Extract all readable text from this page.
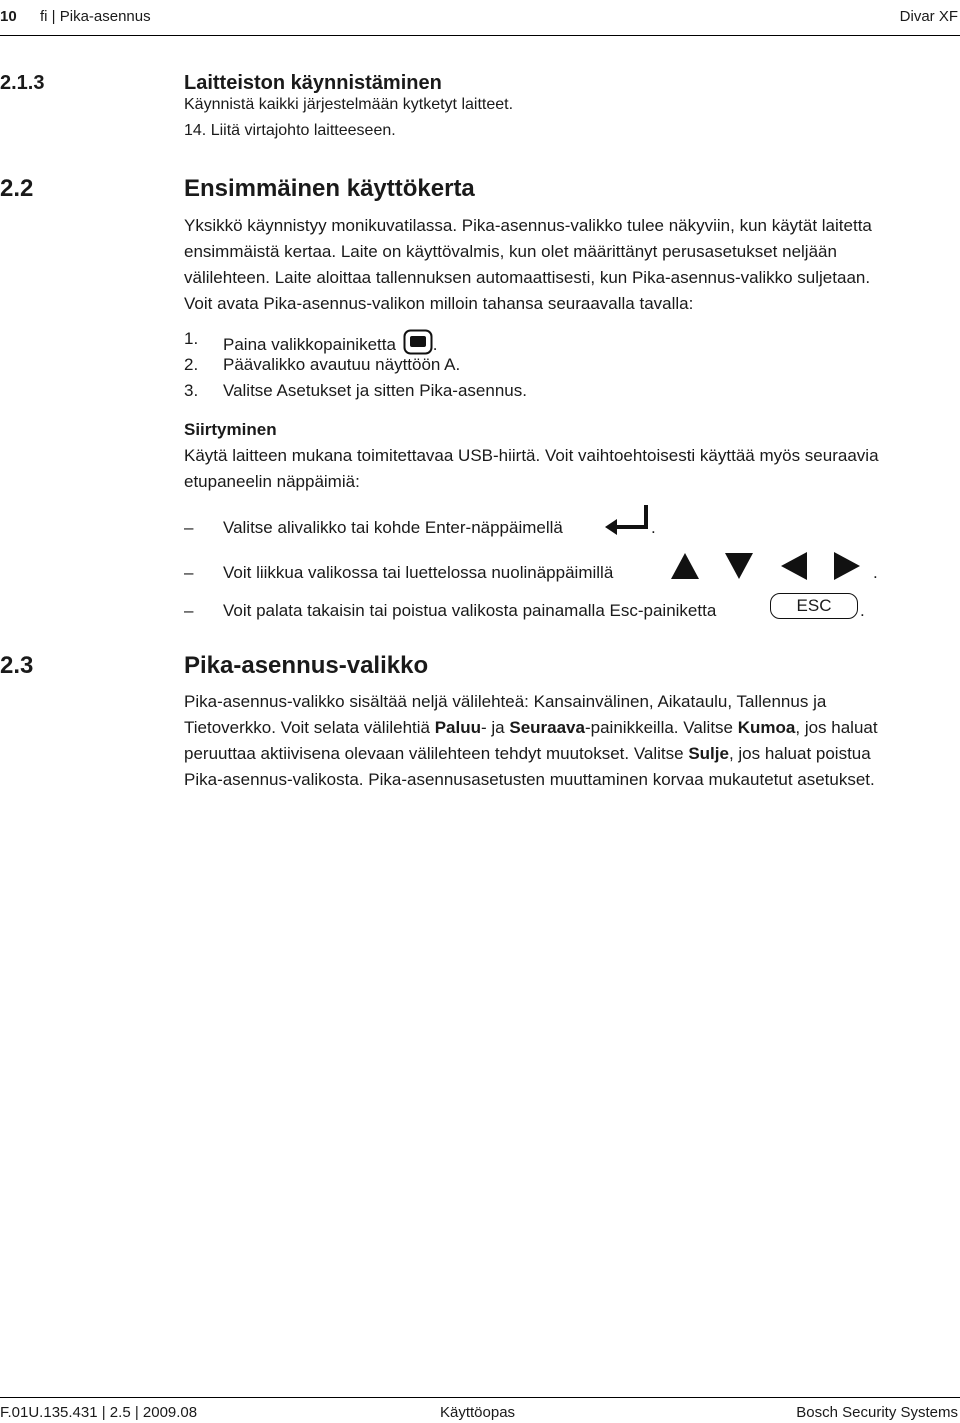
10 fi | Pika-asennus	Divar XF
2.1.3	Laitteiston käynnistäminen
Käynnistä kaikki järjestelmään kytketyt laitteet.
14. Liitä virtajohto laitteeseen.
2.2	Ensimmäinen käyttökerta
Yksikkö käynnistyy monikuvatilassa. Pika-asennus-valikko tulee näkyviin, kun käytät laitetta
ensimmäistä kertaa. Laite on käyttövalmis, kun olet määrittänyt perusasetukset neljään
välilehteen. Laite aloittaa tallennuksen automaattisesti, kun Pika-asennus-valikko suljetaan.
Voit avata Pika-asennus-valikon milloin tahansa seuraavalla tavalla:
1. Paina valikkopainiketta .
2. Päävalikko avautuu näyttöön A.
3. Valitse Asetukset ja sitten Pika-asennus.
Siirtyminen
Käytä laitteen mukana toimitettavaa USB-hiirtä. Voit vaihtoehtoisesti käyttää myös seuraavia
etupaneelin näppäimiä:
– Valitse alivalikko tai kohde Enter-näppäimellä	.
– Voit liikkua valikossa tai luettelossa nuolinäppäimillä	.
– Voit palata takaisin tai poistua valikosta painamalla Esc-painiketta	ESC	.
2.3	Pika-asennus-valikko
Pika-asennus-valikko sisältää neljä välilehteä: Kansainvälinen, Aikataulu, Tallennus ja
Tietoverkko. Voit selata välilehtiä Paluu- ja Seuraava-painikkeilla. Valitse Kumoa, jos haluat
peruuttaa aktiivisena olevaan välilehteen tehdyt muutokset. Valitse Sulje, jos haluat poistua
Pika-asennus-valikosta. Pika-asennusasetusten muuttaminen korvaa mukautetut asetukset.
F.01U.135.431 | 2.5 | 2009.08	Käyttöopas	Bosch Security Systems
